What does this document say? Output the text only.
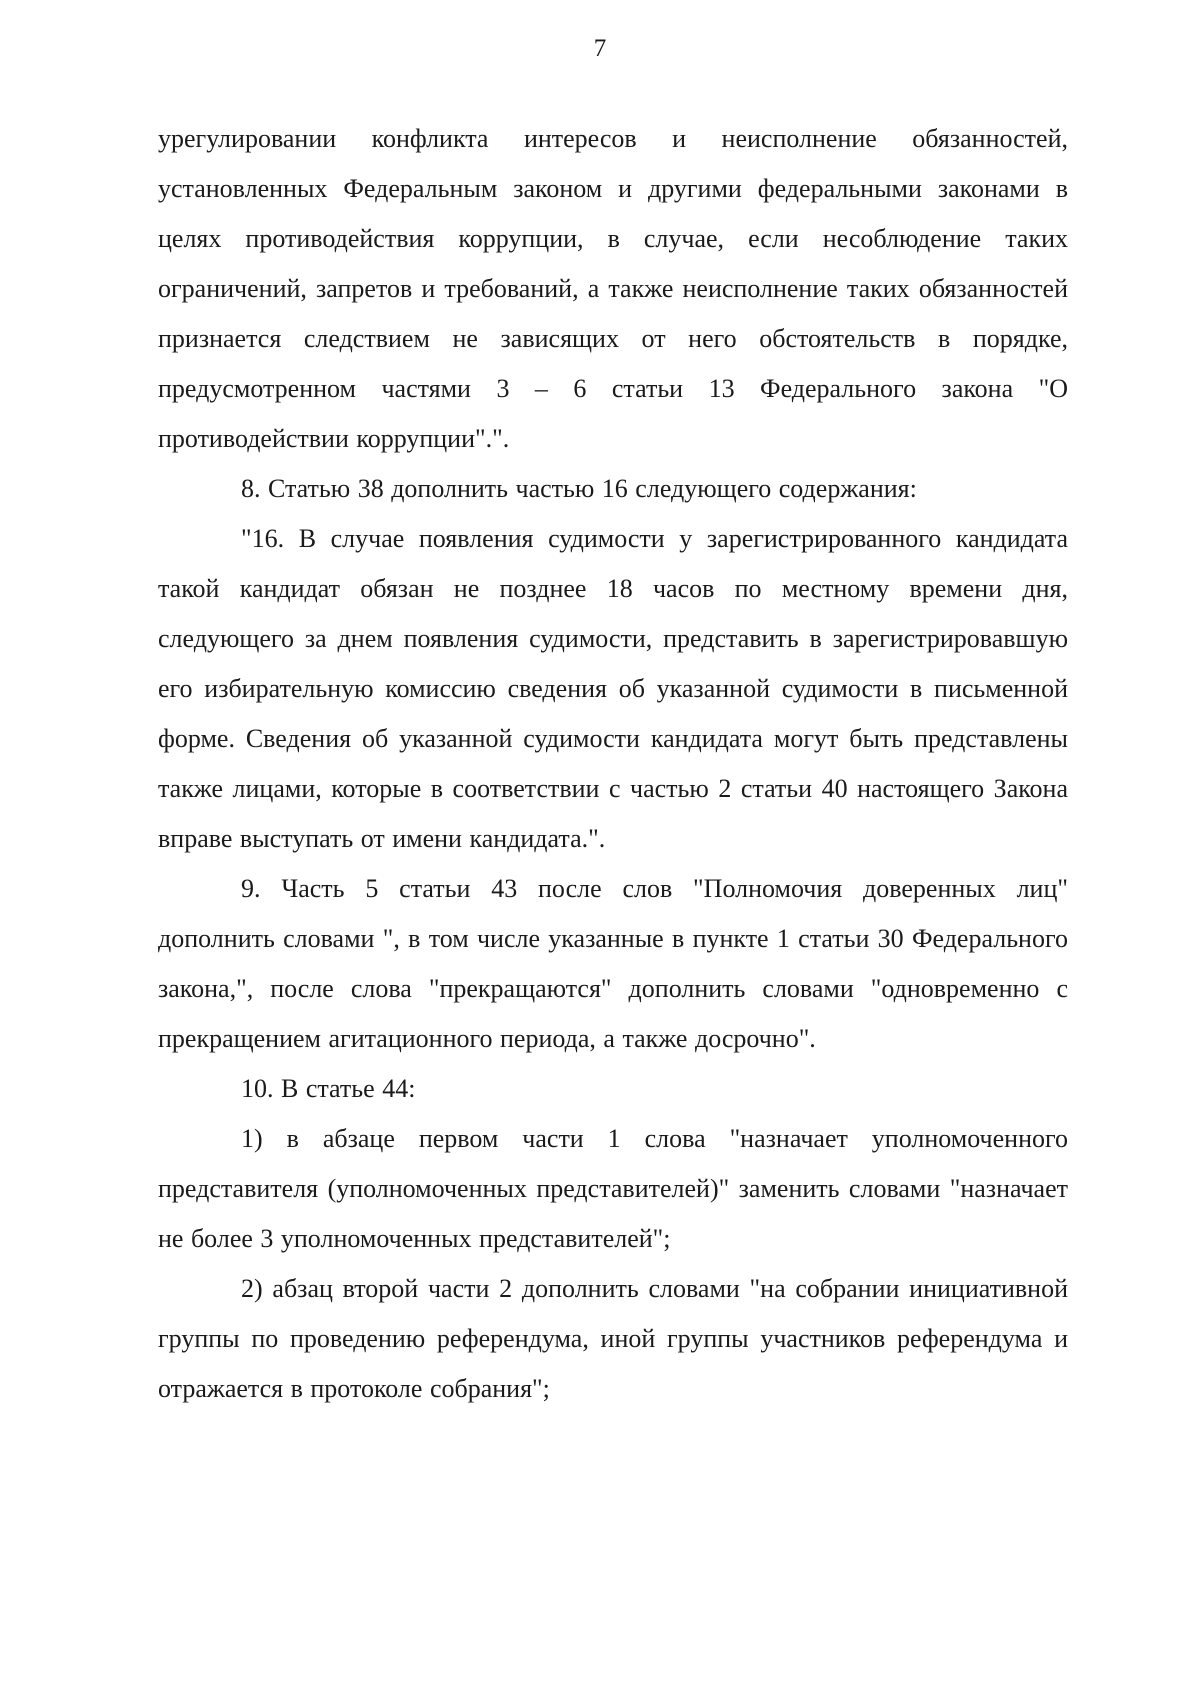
7

урегулировании конфликта интересов и неисполнение обязанностей, установленных Федеральным законом и другими федеральными законами в целях противодействия коррупции, в случае, если несоблюдение таких ограничений, запретов и требований, а также неисполнение таких обязанностей признается следствием не зависящих от него обстоятельств в порядке, предусмотренном частями 3 – 6 статьи 13 Федерального закона "О противодействии коррупции".".

8. Статью 38 дополнить частью 16 следующего содержания:

"16. В случае появления судимости у зарегистрированного кандидата такой кандидат обязан не позднее 18 часов по местному времени дня, следующего за днем появления судимости, представить в зарегистрировавшую его избирательную комиссию сведения об указанной судимости в письменной форме. Сведения об указанной судимости кандидата могут быть представлены также лицами, которые в соответствии с частью 2 статьи 40 настоящего Закона вправе выступать от имени кандидата.".

9. Часть 5 статьи 43 после слов "Полномочия доверенных лиц" дополнить словами ", в том числе указанные в пункте 1 статьи 30 Федерального закона,", после слова "прекращаются" дополнить словами "одновременно с прекращением агитационного периода, а также досрочно".

10. В статье 44:

1) в абзаце первом части 1 слова "назначает уполномоченного представителя (уполномоченных представителей)" заменить словами "назначает не более 3 уполномоченных представителей";

2) абзац второй части 2 дополнить словами "на собрании инициативной группы по проведению референдума, иной группы участников референдума и отражается в протоколе собрания";
